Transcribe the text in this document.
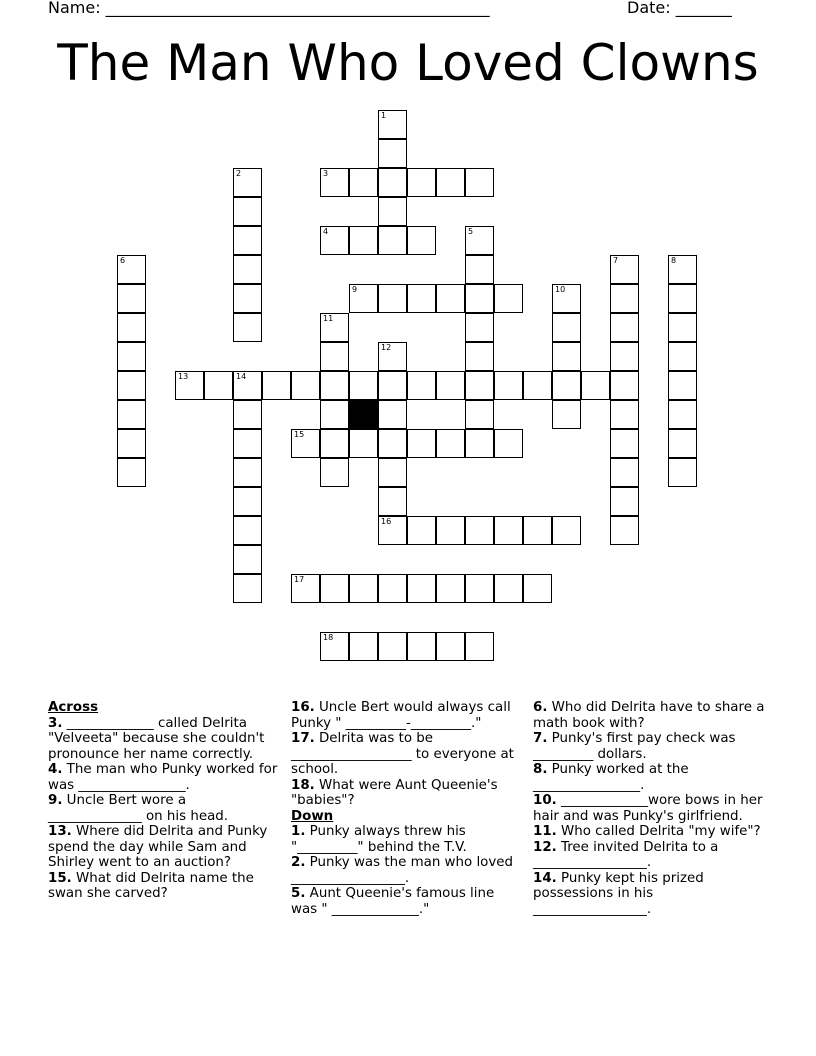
Name: ________________________________________________	Date: _______
The Man Who Loved Clowns
1
2	3
4	5
6	7	8
9	10
11
12
13	14
15
16
17
18
Across
3. _____________ called Delrita "Velveeta" because she couldn't pronounce her name correctly.
4. The man who Punky worked for was ________________.
9. Uncle Bert wore a ______________ on his head.
13. Where did Delrita and Punky spend the day while Sam and Shirley went to an auction?
15. What did Delrita name the swan she carved?
16. Uncle Bert would always call Punky " _________-_________."
17. Delrita was to be __________________ to everyone at school.
18. What were Aunt Queenie's "babies"?
Down
1. Punky always threw his "_________" behind the T.V.
2. Punky was the man who loved _________________.
5. Aunt Queenie's famous line was " _____________."
6. Who did Delrita have to share a math book with?
7. Punky's first pay check was _________ dollars.
8. Punky worked at the ________________.
10. _____________wore bows in her hair and was Punky's girlfriend.
11. Who called Delrita "my wife"?
12. Tree invited Delrita to a _________________.
14. Punky kept his prized possessions in his _________________.
